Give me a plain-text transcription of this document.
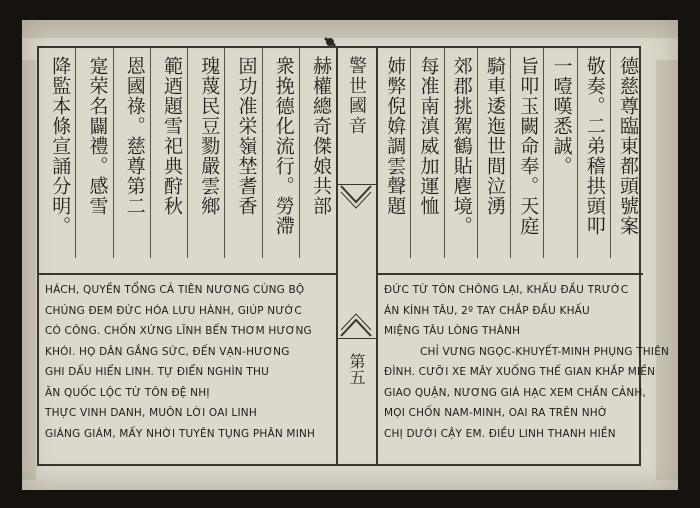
赫權總奇傑娘共部
衆挽德化流行。勞滯
固功准栄嶺埜耆香
瑰蔑民豆勠嚴雲鄉
範迺題雪祀典酧秋
恩國祿。慈尊第二
寔荣名闢禮。感雪
降監本條宣誦分明。
HÁCH, QUYỀN TỔNG CẢ TIÊN NƯƠNG CÙNG BỘ
CHÚNG ĐEM ĐỨC HÓA LƯU HÀNH, GIÚP NƯỚC
CÓ CÔNG. CHỐN XỨNG LĨNH BẾN THƠM HƯƠNG
KHÓI. HỌ DÂN GẮNG SỨC, ĐẾN VẠN-HƯƠNG
GHI DẤU HIỂN LINH. TỰ ĐIỂN NGHÌN THU
ĂN QUỐC LỘC TỪ TÔN ĐỆ NHỊ
THỰC VINH DANH, MUÔN LỜI OAI LINH
GIÁNG GIÁM, MẤY NHỜI TUYÊN TỤNG PHÂN MINH
警世國音
第五
德慈尊臨東都頭號案
敬奏。二弟稽拱頭叩
一噎嘆悉誠。
旨叩玉闕命奉。天庭
騎車逶迤世間泣湧
郊郡挑駕鶴貼麀境。
每准南滇威加運恤
姉弊倪媕調雲聲題
ĐỨC TỪ TÔN CHÔNG LẠI, KHẤU ĐẦU TRƯỚC
ÁN KÍNH TÂU, 2º TAY CHẮP ĐẦU KHẤU
MIỆNG TÂU LÒNG THÀNH
CHỈ VƯNG NGỌC-KHUYẾT-MINH PHỤNG THIÊN
ĐÌNH. CƯỠI XE MÂY XUỐNG THẾ GIAN KHẮP MIỀN
GIAO QUẬN, NƯƠNG GIÁ HẠC XEM CHẦN CẢNH,
MỌI CHỐN NAM-MINH, OAI RA TRÊN NHỜ
CHỊ DƯỚI CẬY EM. ĐIỀU LINH THANH HIỀN
